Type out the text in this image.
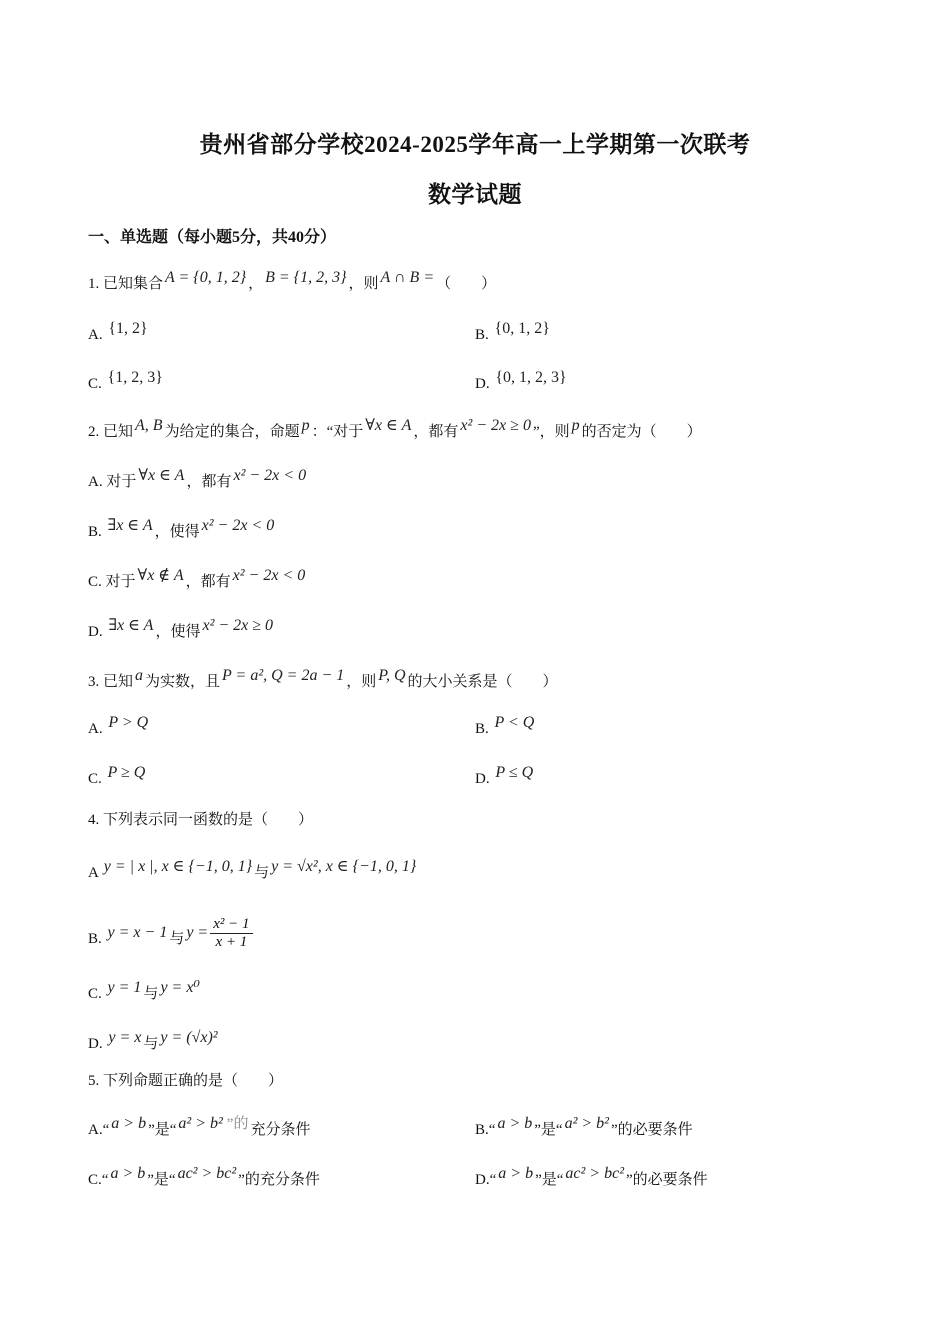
贵州省部分学校2024-2025学年高一上学期第一次联考
数学试题
一、单选题（每小题5分，共40分）
1. 已知集合 A = {0, 1, 2} ， B = {1, 2, 3} ，则 A ∩ B = （　　）
A. {1, 2}	B. {0, 1, 2}
C. {1, 2, 3}	D. {0, 1, 2, 3}
2. 已知 A, B 为给定的集合，命题 p ：“对于 ∀x ∈ A ，都有 x² − 2x ≥ 0 ”，则 p 的否定为（　　）
A. 对于 ∀x ∈ A ，都有 x² − 2x < 0
B. ∃x ∈ A ，使得 x² − 2x < 0
C. 对于 ∀x ∉ A ，都有 x² − 2x < 0
D. ∃x ∈ A ，使得 x² − 2x ≥ 0
3. 已知 a 为实数，且 P = a², Q = 2a − 1 ，则 P, Q 的大小关系是（　　）
A. P > Q	B. P < Q
C. P ≥ Q	D. P ≤ Q
4. 下列表示同一函数的是（　　）
A y = | x |, x ∈ {−1, 0, 1} 与 y = √x², x ∈ {−1, 0, 1}
B. y = x − 1 与 $y = \frac{\text{x² − 1}}{x + 1}$
C. y = 1 与 y = x⁰
D. y = x 与 y = (√x)²
5. 下列命题正确的是（　　）
A.“ a > b ”是“ a² > b² ”的 充分条件	B.“ a > b ”是“ a² > b² ”的必要条件
C.“ a > b ”是“ ac² > bc² ”的充分条件	D.“ a > b ”是“ ac² > bc² ”的必要条件
